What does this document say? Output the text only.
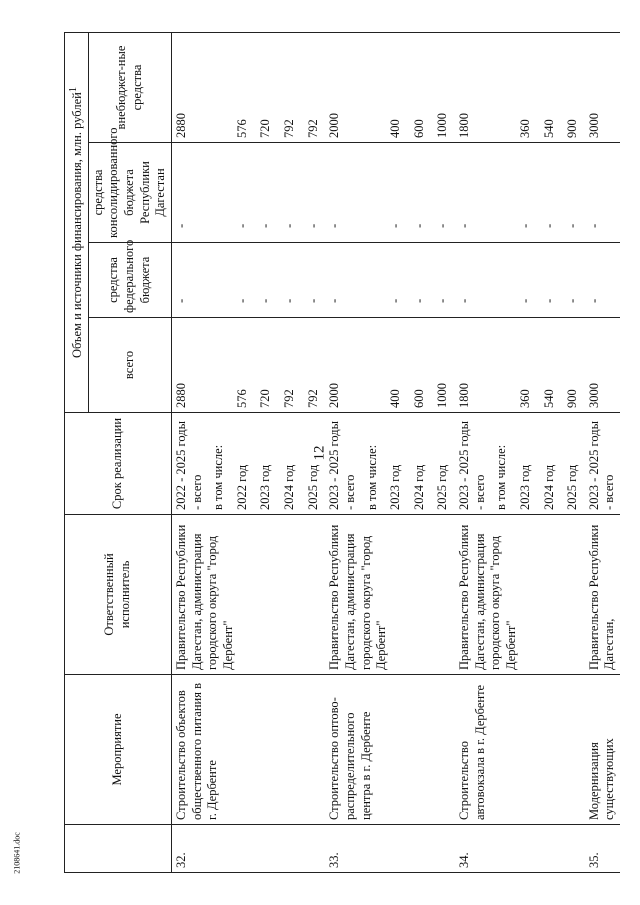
12
2108641.doc
	Мероприятие	Ответственный исполнитель	Срок реализации	Объем и источники финансирования, млн. рублей$^1$
				всего	средства федерального бюджета	средства консолидированного бюджета Республики Дагестан	внебюджет-ные средства
32.	Строительство объектов общественного питания в г. Дербенте	Правительство Республики Дагестан, администрация городского округа "город Дербент"	2022 - 2025 годы - всего	2880	-	-	2880
			в том числе:				
			2022 год	576	-	-	576
			2023 год	720	-	-	720
			2024 год	792	-	-	792
			2025 год	792	-	-	792
33.	Строительство оптово-распределительного центра в г. Дербенте	Правительство Республики Дагестан, администрация городского округа "город Дербент"	2023 - 2025 годы - всего	2000	-	-	2000
			в том числе:				
			2023 год	400	-	-	400
			2024 год	600	-	-	600
			2025 год	1000	-	-	1000
34.	Строительство автовокзала в г. Дербенте	Правительство Республики Дагестан, администрация городского округа "город Дербент"	2023 - 2025 годы - всего	1800	-	-	1800
			в том числе:				
			2023 год	360	-	-	360
			2024 год	540	-	-	540
			2025 год	900	-	-	900
35.	Модернизация существующих	Правительство Республики Дагестан,	2023 - 2025 годы - всего	3000	-	-	3000
